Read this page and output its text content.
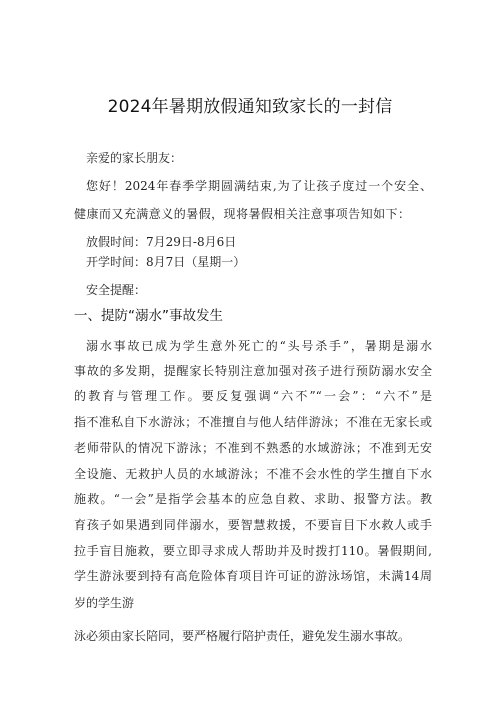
2024年暑期放假通知致家长的一封信
亲爱的家长朋友：
您好！2024年春季学期圆满结束,为了让孩子度过一个安全、
健康而又充满意义的暑假，现将暑假相关注意事项告知如下：
放假时间：7月29日-8月6日
开学时间：8月7日（星期一）
安全提醒：
一、提防“溺水”事故发生
溺水事故已成为学生意外死亡的“头号杀手”，暑期是溺水
事故的多发期，提醒家长特别注意加强对孩子进行预防溺水安全
的教育与管理工作。要反复强调“六不”“一会”：“六不”是
指不准私自下水游泳；不准擅自与他人结伴游泳；不准在无家长或
老师带队的情况下游泳；不准到不熟悉的水域游泳；不准到无安
全设施、无救护人员的水域游泳；不准不会水性的学生擅自下水
施救。“一会”是指学会基本的应急自救、求助、报警方法。教
育孩子如果遇到同伴溺水，要智慧救援，不要盲目下水救人或手
拉手盲目施救，要立即寻求成人帮助并及时拨打110。暑假期间,
学生游泳要到持有高危险体育项目许可证的游泳场馆，未满14周
岁的学生游
泳必须由家长陪同，要严格履行陪护责任，避免发生溺水事故。
